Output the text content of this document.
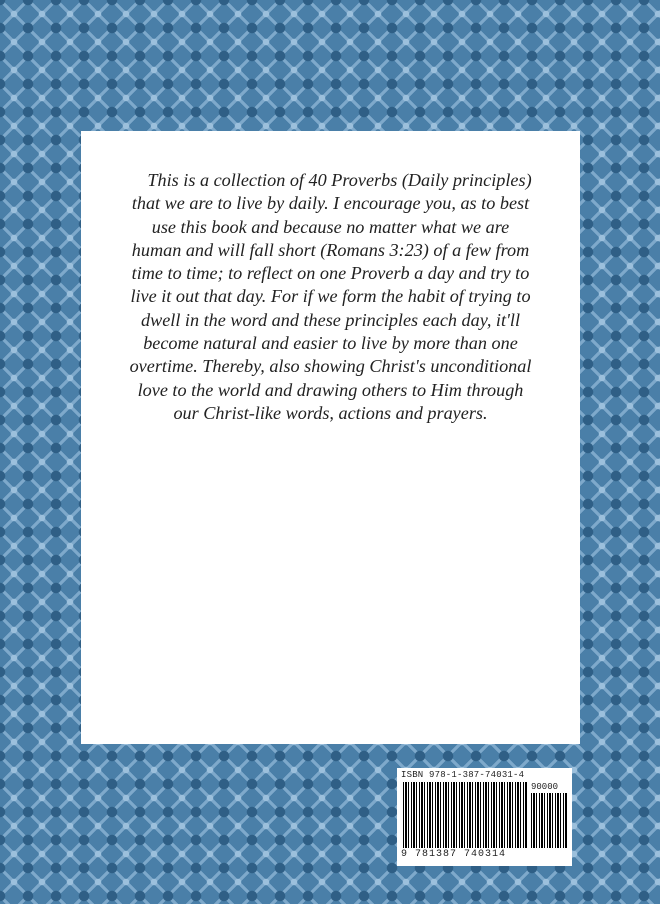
This is a collection of 40 Proverbs (Daily principles)
that we are to live by daily. I encourage you, as to best
use this book and because no matter what we are
human and will fall short (Romans 3:23) of a few from
time to time; to reflect on one Proverb a day and try to
live it out that day. For if we form the habit of trying to
dwell in the word and these principles each day, it'll
become natural and easier to live by more than one
overtime. Thereby, also showing Christ's unconditional
love to the world and drawing others to Him through
our Christ-like words, actions and prayers.

ISBN 978-1-387-74031-4
90000
9 781387 740314
